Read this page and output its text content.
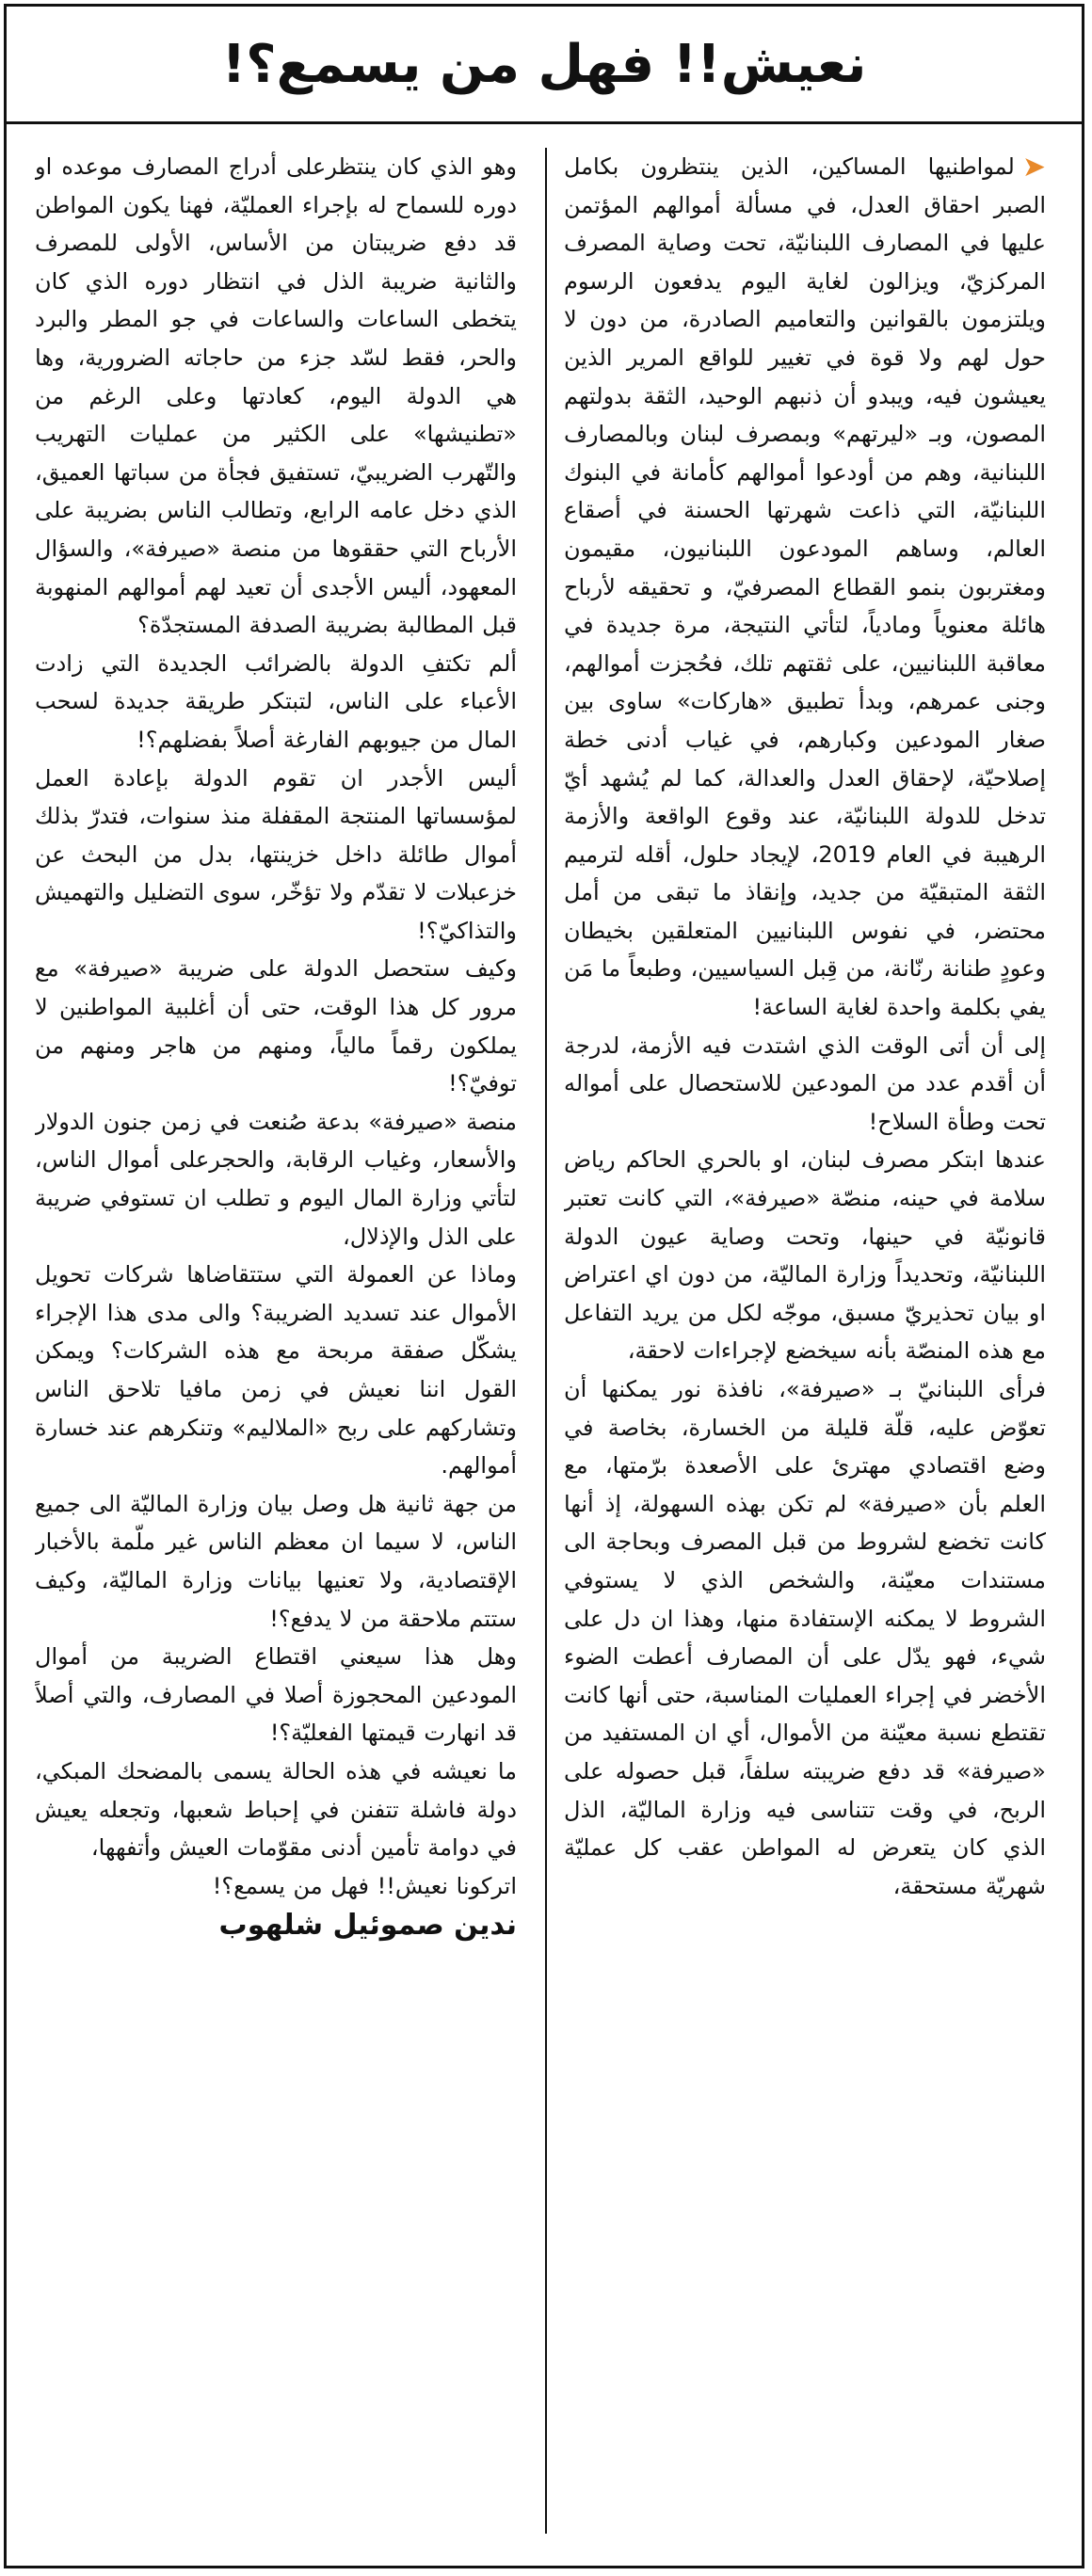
نعيش!! فهل من يسمع؟!

➤لمواطنيها المساكين، الذين ينتظرون بكامل الصبر احقاق العدل، في مسألة أموالهم المؤتمن عليها في المصارف اللبنانيّة، تحت وصاية المصرف المركزيّ، ويزالون لغاية اليوم يدفعون الرسوم ويلتزمون بالقوانين والتعاميم الصادرة، من دون لا حول لهم ولا قوة في تغيير للواقع المرير الذين يعيشون فيه، ويبدو أن ذنبهم الوحيد، الثقة بدولتهم المصون، وبـ «ليرتهم» وبمصرف لبنان وبالمصارف اللبنانية، وهم من أودعوا أموالهم كأمانة في البنوك اللبنانيّة، التي ذاعت شهرتها الحسنة في أصقاع العالم، وساهم المودعون اللبنانيون، مقيمون ومغتربون بنمو القطاع المصرفيّ، و تحقيقه لأرباح هائلة معنوياً ومادياً، لتأتي النتيجة، مرة جديدة في معاقبة اللبنانيين، على ثقتهم تلك، فحُجزت أموالهم، وجنى عمرهم، وبدأ تطبيق «هاركات» ساوى بين صغار المودعين وكبارهم، في غياب أدنى خطة إصلاحيّة، لإحقاق العدل والعدالة، كما لم يُشهد أيّ تدخل للدولة اللبنانيّة، عند وقوع الواقعة والأزمة الرهيبة في العام 2019، لإيجاد حلول، أقله لترميم الثقة المتبقيّة من جديد، وإنقاذ ما تبقى من أمل محتضر، في نفوس اللبنانيين المتعلقين بخيطان وعودٍ طنانة رنّانة، من قِبل السياسيين، وطبعاً ما مَن يفي بكلمة واحدة لغاية الساعة!

إلى أن أتى الوقت الذي اشتدت فيه الأزمة، لدرجة أن أقدم عدد من المودعين للاستحصال على أمواله تحت وطأة السلاح!

عندها ابتكر مصرف لبنان، او بالحري الحاكم رياض سلامة في حينه، منصّة «صيرفة»، التي كانت تعتبر قانونيّة في حينها، وتحت وصاية عيون الدولة اللبنانيّة، وتحديداً وزارة الماليّة، من دون اي اعتراض او بيان تحذيريّ مسبق، موجّه لكل من يريد التفاعل مع هذه المنصّة بأنه سيخضع لإجراءات لاحقة،

فرأى اللبنانيّ بـ «صيرفة»، نافذة نور يمكنها أن تعوّض عليه، قلّة قليلة من الخسارة، بخاصة في وضع اقتصادي مهترئ على الأصعدة برّمتها، مع العلم بأن «صيرفة» لم تكن بهذه السهولة، إذ أنها كانت تخضع لشروط من قبل المصرف وبحاجة الى مستندات معيّنة، والشخص الذي لا يستوفي الشروط لا يمكنه الإستفادة منها، وهذا ان دل على شيء، فهو يدّل على أن المصارف أعطت الضوء الأخضر في إجراء العمليات المناسبة، حتى أنها كانت تقتطع نسبة معيّنة من الأموال، أي ان المستفيد من «صيرفة» قد دفع ضريبته سلفاً، قبل حصوله على الربح، في وقت تتناسى فيه وزارة الماليّة، الذل الذي كان يتعرض له المواطن عقب كل عمليّة شهريّة مستحقة،

وهو الذي كان ينتظرعلى أدراج المصارف موعده او دوره للسماح له بإجراء العمليّة، فهنا يكون المواطن قد دفع ضريبتان من الأساس، الأولى للمصرف والثانية ضريبة الذل في انتظار دوره الذي كان يتخطى الساعات والساعات في جو المطر والبرد والحر، فقط لسّد جزء من حاجاته الضرورية، وها هي الدولة اليوم، كعادتها وعلى الرغم من «تطنيشها» على الكثير من عمليات التهريب والتّهرب الضريبيّ، تستفيق فجأة من سباتها العميق، الذي دخل عامه الرابع، وتطالب الناس بضريبة على الأرباح التي حققوها من منصة «صيرفة»، والسؤال المعهود، أليس الأجدى أن تعيد لهم أموالهم المنهوبة قبل المطالبة بضريبة الصدفة المستجدّة؟

ألم تكتفِ الدولة بالضرائب الجديدة التي زادت الأعباء على الناس، لتبتكر طريقة جديدة لسحب المال من جيوبهم الفارغة أصلاً بفضلهم؟!

أليس الأجدر ان تقوم الدولة بإعادة العمل لمؤسساتها المنتجة المقفلة منذ سنوات، فتدرّ بذلك أموال طائلة داخل خزينتها، بدل من البحث عن خزعبلات لا تقدّم ولا تؤخّر، سوى التضليل والتهميش والتذاكيّ؟!

وكيف ستحصل الدولة على ضريبة «صيرفة» مع مرور كل هذا الوقت، حتى أن أغلبية المواطنين لا يملكون رقماً مالياً، ومنهم من هاجر ومنهم من توفيّ؟!

منصة «صيرفة» بدعة صُنعت في زمن جنون الدولار والأسعار، وغياب الرقابة، والحجرعلى أموال الناس، لتأتي وزارة المال اليوم و تطلب ان تستوفي ضريبة على الذل والإذلال،

وماذا عن العمولة التي ستتقاضاها شركات تحويل الأموال عند تسديد الضريبة؟ والى مدى هذا الإجراء يشكّل صفقة مربحة مع هذه الشركات؟ ويمكن القول اننا نعيش في زمن مافيا تلاحق الناس وتشاركهم على ربح «الملاليم» وتنكرهم عند خسارة أموالهم.

من جهة ثانية هل وصل بيان وزارة الماليّة الى جميع الناس، لا سيما ان معظم الناس غير ملّمة بالأخبار الإقتصادية، ولا تعنيها بيانات وزارة الماليّة، وكيف ستتم ملاحقة من لا يدفع؟!

وهل هذا سيعني اقتطاع الضريبة من أموال المودعين المحجوزة أصلا في المصارف، والتي أصلاً قد انهارت قيمتها الفعليّة؟!

ما نعيشه في هذه الحالة يسمى بالمضحك المبكي، دولة فاشلة تتفنن في إحباط شعبها، وتجعله يعيش في دوامة تأمين أدنى مقوّمات العيش وأتفهها،

اتركونا نعيش!! فهل من يسمع؟!

ندين صموئيل شلهوب
